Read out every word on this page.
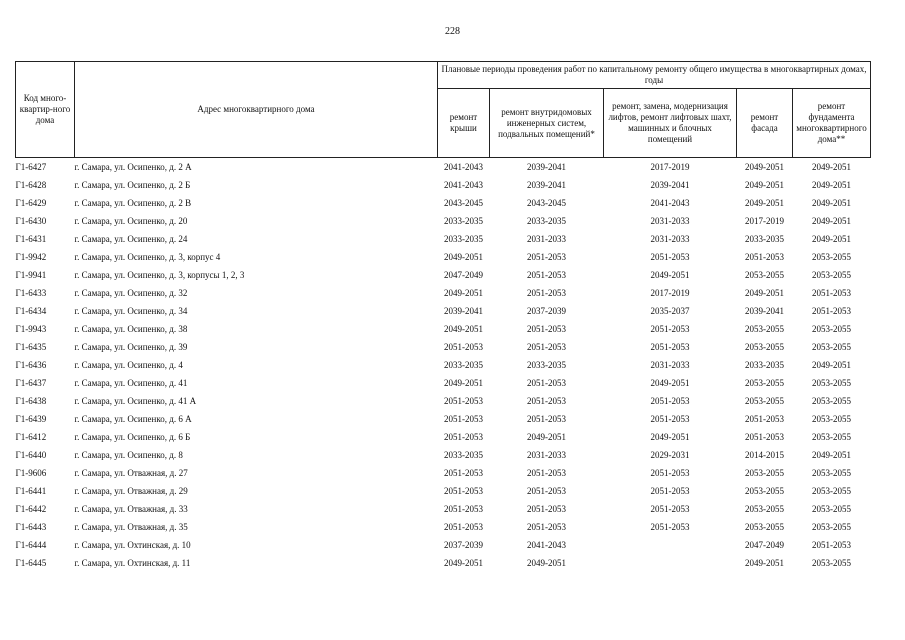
228
Код много-квартир-ного дома	Адрес многоквартирного дома	Плановые периоды проведения работ по капитальному ремонту общего имущества в многоквартирных домах, годы				
		ремонт крыши	ремонт внутридомовых инженерных систем, подвальных помещений*	ремонт, замена, модернизация лифтов, ремонт лифтовых шахт, машинных и блочных помещений	ремонт фасада	ремонт фундамента многоквартирного дома**
Г1-6427	г. Самара, ул. Осипенко, д. 2 А	2041-2043	2039-2041	2017-2019	2049-2051	2049-2051
Г1-6428	г. Самара, ул. Осипенко, д. 2 Б	2041-2043	2039-2041	2039-2041	2049-2051	2049-2051
Г1-6429	г. Самара, ул. Осипенко, д. 2 В	2043-2045	2043-2045	2041-2043	2049-2051	2049-2051
Г1-6430	г. Самара, ул. Осипенко, д. 20	2033-2035	2033-2035	2031-2033	2017-2019	2049-2051
Г1-6431	г. Самара, ул. Осипенко, д. 24	2033-2035	2031-2033	2031-2033	2033-2035	2049-2051
Г1-9942	г. Самара, ул. Осипенко, д. 3, корпус 4	2049-2051	2051-2053	2051-2053	2051-2053	2053-2055
Г1-9941	г. Самара, ул. Осипенко, д. 3, корпусы 1, 2, 3	2047-2049	2051-2053	2049-2051	2053-2055	2053-2055
Г1-6433	г. Самара, ул. Осипенко, д. 32	2049-2051	2051-2053	2017-2019	2049-2051	2051-2053
Г1-6434	г. Самара, ул. Осипенко, д. 34	2039-2041	2037-2039	2035-2037	2039-2041	2051-2053
Г1-9943	г. Самара, ул. Осипенко, д. 38	2049-2051	2051-2053	2051-2053	2053-2055	2053-2055
Г1-6435	г. Самара, ул. Осипенко, д. 39	2051-2053	2051-2053	2051-2053	2053-2055	2053-2055
Г1-6436	г. Самара, ул. Осипенко, д. 4	2033-2035	2033-2035	2031-2033	2033-2035	2049-2051
Г1-6437	г. Самара, ул. Осипенко, д. 41	2049-2051	2051-2053	2049-2051	2053-2055	2053-2055
Г1-6438	г. Самара, ул. Осипенко, д. 41 А	2051-2053	2051-2053	2051-2053	2053-2055	2053-2055
Г1-6439	г. Самара, ул. Осипенко, д. 6 А	2051-2053	2051-2053	2051-2053	2051-2053	2053-2055
Г1-6412	г. Самара, ул. Осипенко, д. 6 Б	2051-2053	2049-2051	2049-2051	2051-2053	2053-2055
Г1-6440	г. Самара, ул. Осипенко, д. 8	2033-2035	2031-2033	2029-2031	2014-2015	2049-2051
Г1-9606	г. Самара, ул. Отважная, д. 27	2051-2053	2051-2053	2051-2053	2053-2055	2053-2055
Г1-6441	г. Самара, ул. Отважная, д. 29	2051-2053	2051-2053	2051-2053	2053-2055	2053-2055
Г1-6442	г. Самара, ул. Отважная, д. 33	2051-2053	2051-2053	2051-2053	2053-2055	2053-2055
Г1-6443	г. Самара, ул. Отважная, д. 35	2051-2053	2051-2053	2051-2053	2053-2055	2053-2055
Г1-6444	г. Самара, ул. Охтинская, д. 10	2037-2039	2041-2043		2047-2049	2051-2053
Г1-6445	г. Самара, ул. Охтинская, д. 11	2049-2051	2049-2051		2049-2051	2053-2055
